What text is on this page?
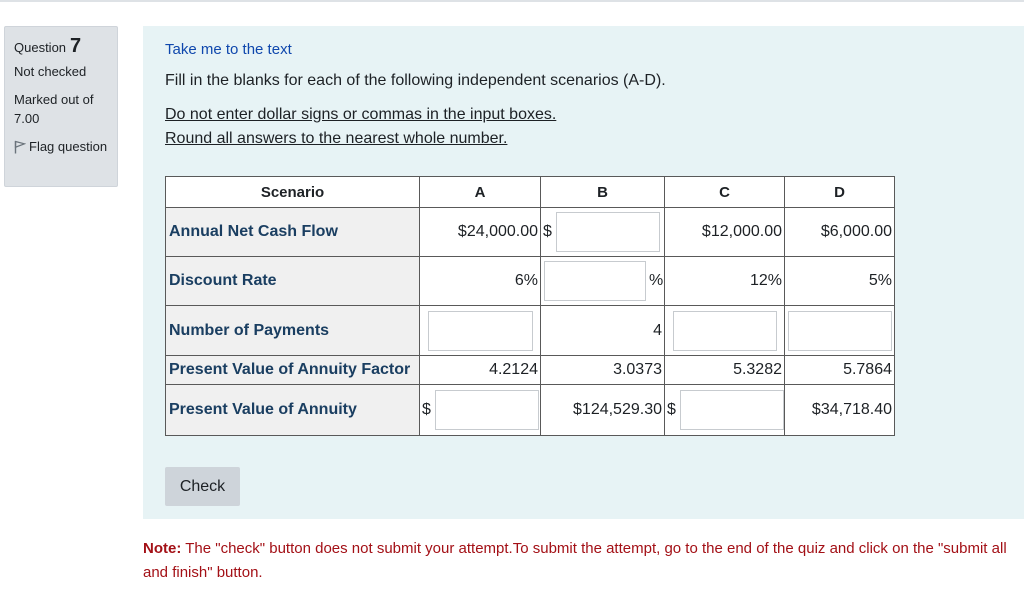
Question 7
Not checked
Marked out of 7.00
Flag question
Take me to the text
Fill in the blanks for each of the following independent scenarios (A-D).
Do not enter dollar signs or commas in the input boxes.
Round all answers to the nearest whole number.
Scenario	A	B	C	D
Annual Net Cash Flow	$24,000.00	$	$12,000.00	$6,000.00
Discount Rate	6%	%	12%	5%
Number of Payments		4	

Present Value of Annuity Factor	4.2124	3.0373	5.3282	5.7864
Present Value of Annuity	$	$124,529.30	$	$34,718.40
Check
Note: The "check" button does not submit your attempt.To submit the attempt, go to the end of the quiz and click on the "submit all and finish" button.
